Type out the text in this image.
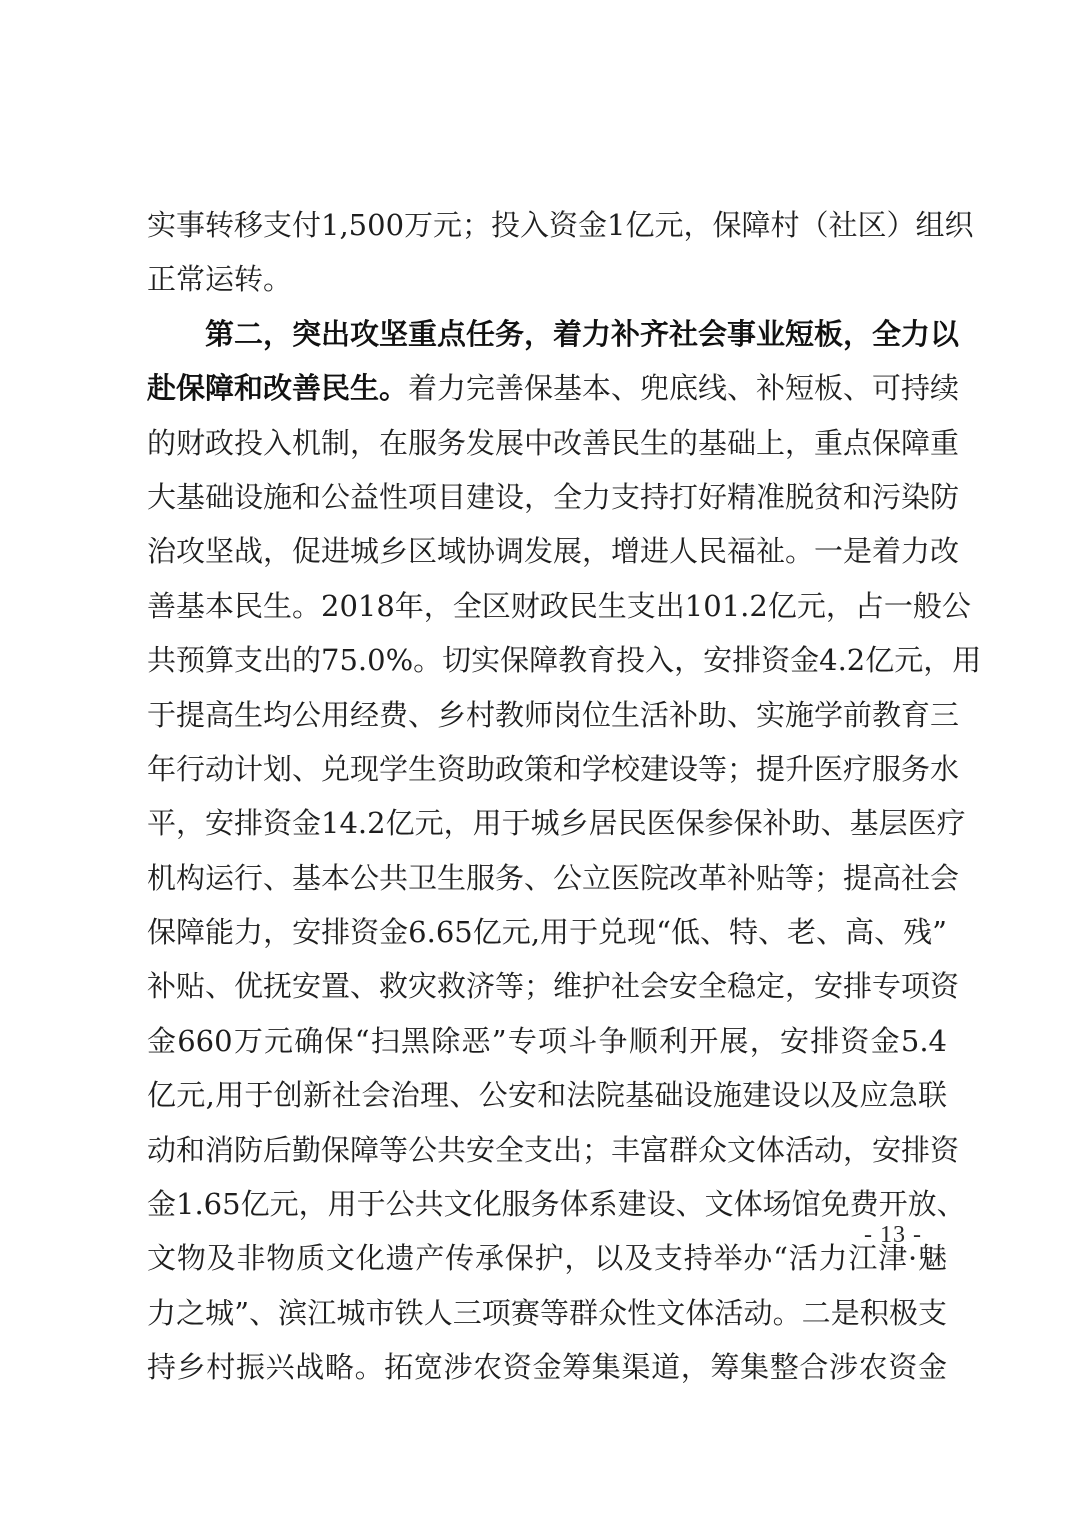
实事转移支付1,500万元；投入资金1亿元，保障村（社区）组织
正常运转。
第二，突出攻坚重点任务，着力补齐社会事业短板，全力以
赴保障和改善民生。着力完善保基本、兜底线、补短板、可持续
的财政投入机制，在服务发展中改善民生的基础上，重点保障重
大基础设施和公益性项目建设，全力支持打好精准脱贫和污染防
治攻坚战，促进城乡区域协调发展，增进人民福祉。一是着力改
善基本民生。2018年，全区财政民生支出101.2亿元，占一般公
共预算支出的75.0%。切实保障教育投入，安排资金4.2亿元，用
于提高生均公用经费、乡村教师岗位生活补助、实施学前教育三
年行动计划、兑现学生资助政策和学校建设等；提升医疗服务水
平，安排资金14.2亿元，用于城乡居民医保参保补助、基层医疗
机构运行、基本公共卫生服务、公立医院改革补贴等；提高社会
保障能力，安排资金6.65亿元,用于兑现“低、特、老、高、残”
补贴、优抚安置、救灾救济等；维护社会安全稳定，安排专项资
金660万元确保“扫黑除恶”专项斗争顺利开展，安排资金5.4
亿元,用于创新社会治理、公安和法院基础设施建设以及应急联
动和消防后勤保障等公共安全支出；丰富群众文体活动，安排资
金1.65亿元，用于公共文化服务体系建设、文体场馆免费开放、
文物及非物质文化遗产传承保护，以及支持举办“活力江津·魅
力之城”、滨江城市铁人三项赛等群众性文体活动。二是积极支
持乡村振兴战略。拓宽涉农资金筹集渠道，筹集整合涉农资金
- 13 -
